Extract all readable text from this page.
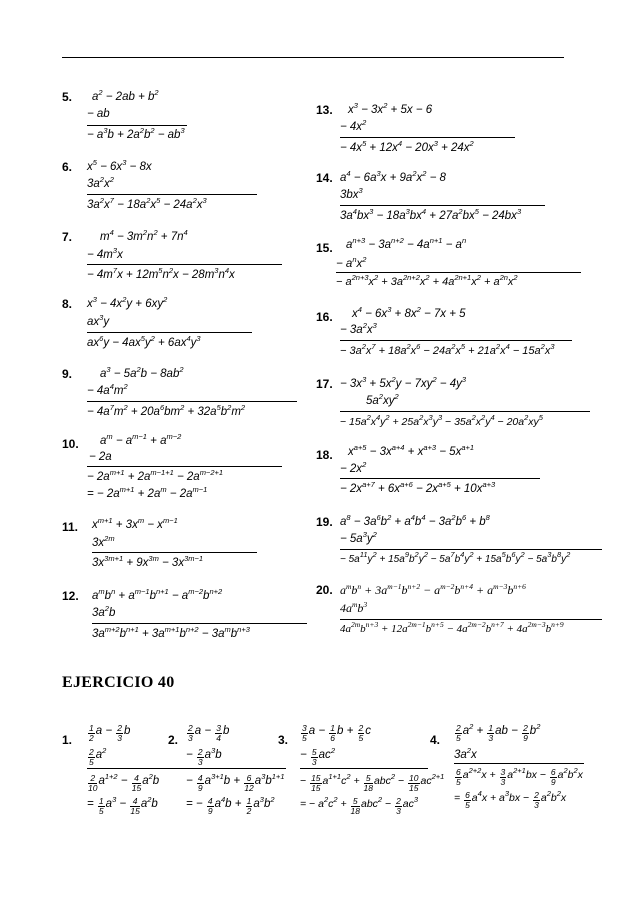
5. $a^2 - 2ab + b^2$
− ab
− $a^3b + 2a^2b^2 - ab^3$
6. $x^5 - 6x^3 - 8x$
$3a^2x^2$
$3a^2x^7 - 18a^2x^5 - 24a^2x^3$
7. $m^4 - 3m^2n^2 + 7n^4$
− $4m^3x$
− $4m^7x + 12m^5n^2x - 28m^3n^4x$
8. $x^3 - 4x^2y + 6xy^2$
$ax^3y$
$ax^6y - 4ax^5y^2 + 6ax^4y^3$
9. $a^3 - 5a^2b - 8ab^2$
− $4a^4m^2$
− $4a^7m^2 + 20a^6bm^2 + 32a^5b^2m^2$
10. $a^m - a^{m-1} + a^{m-2}$
− 2a
− $2a^{m+1} + 2a^{m-1+1} - 2a^{m-2+1}$
= − $2a^{m+1} + 2a^m - 2a^{m-1}$
11. $x^{m+1} + 3x^m - x^{m-1}$
$3x^{2m}$
$3x^{3m+1} + 9x^{3m} - 3x^{3m-1}$
12. $a^mb^n + a^{m-1}b^{n+1} - a^{m-2}b^{n+2}$
$3a^2b$
$3a^{m+2}b^{n+1} + 3a^{m+1}b^{n+2} - 3a^mb^{n+3}$
13. $x^3 - 3x^2 + 5x - 6$
− $4x^2$
− $4x^5 + 12x^4 - 20x^3 + 24x^2$
14. $a^4 - 6a^3x + 9a^2x^2 - 8$
$3bx^3$
$3a^4bx^3 - 18a^3bx^4 + 27a^2bx^5 - 24bx^3$
15. $a^{n+3} - 3a^{n+2} - 4a^{n+1} - a^n$
− $a^nx^2$
− $a^{2n+3}x^2 + 3a^{2n+2}x^2 + 4a^{2n+1}x^2 + a^{2n}x^2$
16. $x^4 - 6x^3 + 8x^2 - 7x + 5$
− $3a^2x^3$
− $3a^2x^7 + 18a^2x^6 - 24a^2x^5 + 21a^2x^4 - 15a^2x^3$
17. − $3x^3 + 5x^2y - 7xy^2 - 4y^3$
$5a^2xy^2$
− $15a^2x^4y^2 + 25a^2x^3y^3 - 35a^2x^2y^4 - 20a^2xy^5$
18. $x^{a+5} - 3x^{a+4} + x^{a+3} - 5x^{a+1}$
− $2x^2$
− $2x^{a+7} + 6x^{a+6} - 2x^{a+5} + 10x^{a+3}$
19. $a^8 - 3a^6b^2 + a^4b^4 - 3a^2b^6 + b^8$
− $5a^3y^2$
− $5a^{11}y^2 + 15a^9b^2y^2 - 5a^7b^4y^2 + 15a^5b^6y^2 - 5a^3b^8y^2$
20. $a^mb^n + 3a^{m-1}b^{n+2} - a^{m-2}b^{n+4} + a^{m-3}b^{n+6}$
$4a^mb^3$
$4a^{2m}b^{n+3} + 12a^{2m-1}b^{n+5} - 4a^{2m-2}b^{n+7} + 4a^{2m-3}b^{n+9}$
EJERCICIO 40
1. $\frac{1}{2}$ $a - \frac{2}{3}$ b
$\frac{2}{5} a^2$
$\frac{2}{10} a^{1+2} - \frac{4}{15} a^2b$
= $\frac{1}{5} a^3 - \frac{4}{15} a^2b$
2. $\frac{2}{3}$ $a - \frac{3}{4}$ b
− $\frac{2}{3} a^3b$
− $\frac{4}{9} a^{3+1}b + \frac{6}{12} a^3b^{1+1}$
= − $\frac{4}{9} a^4b + \frac{1}{2} a^3b^2$
3. $\frac{3}{5}$ $a - \frac{1}{6}$ $b + \frac{2}{5}$ c
− $\frac{5}{3} ac^2$
− $\frac{15}{15} a^{1+1}c^2 + \frac{5}{18} abc^2 - \frac{10}{15} ac^{2+1}$
= − $a^2c^2 + \frac{5}{18} abc^2 - \frac{2}{3} ac^3$
4. $\frac{2}{5} a^2 + \frac{1}{3}$ ab − $\frac{2}{9} b^2$
$3a^2x$
$\frac{6}{5} a^{2+2}x + \frac{3}{3} a^{2+1}bx - \frac{6}{9} a^2b^2x$
= $\frac{6}{5} a^4x + a^3bx - \frac{2}{3} a^2b^2x$
